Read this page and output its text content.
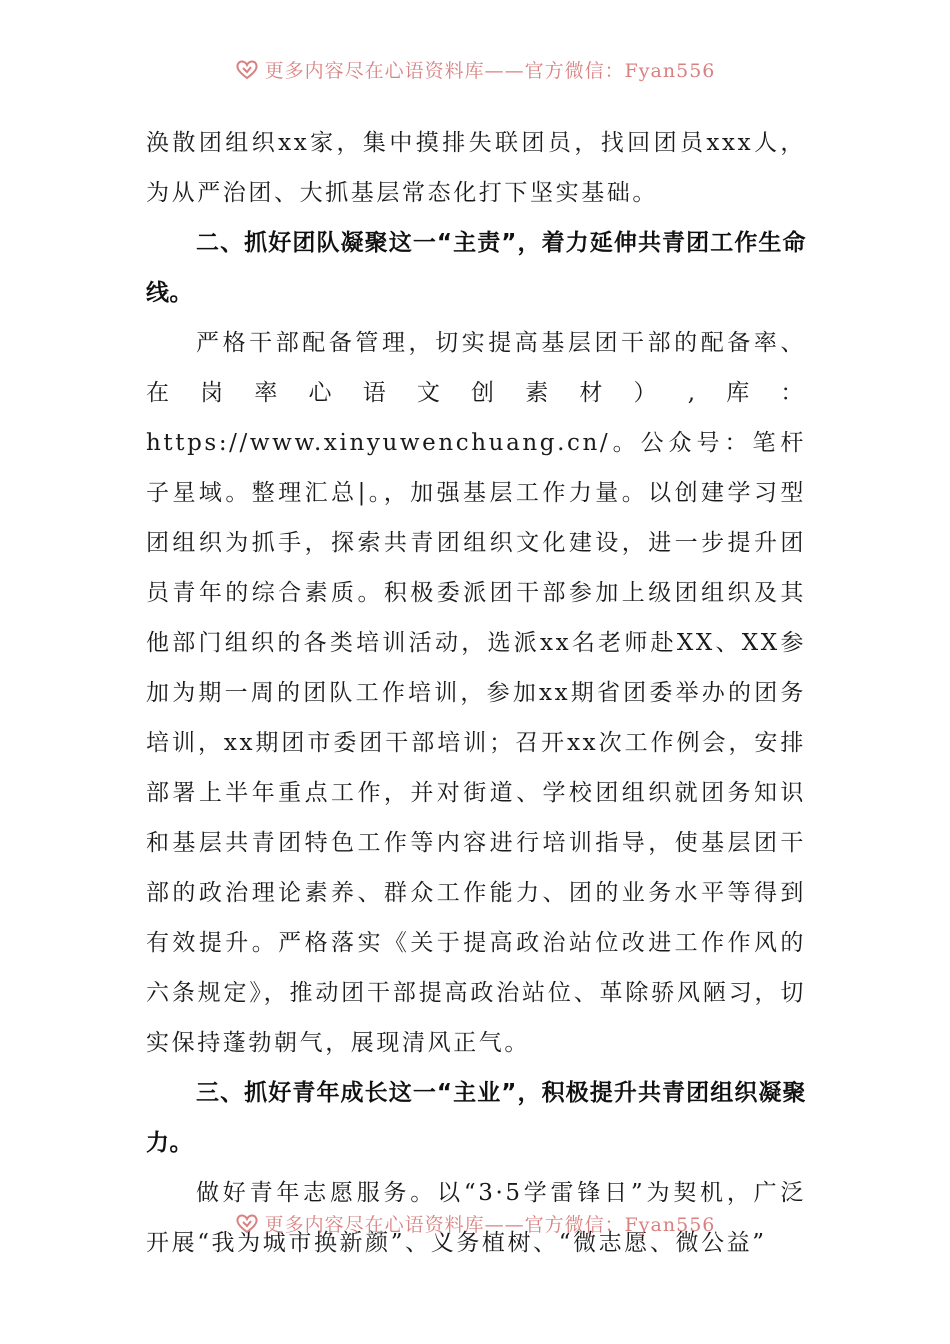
更多内容尽在心语资料库——官方微信：Fyan556

涣散团组织xx家，集中摸排失联团员，找回团员xxx人，为从严治团、大抓基层常态化打下坚实基础。

二、抓好团队凝聚这一“主责”，着力延伸共青团工作生命线。

严格干部配备管理，切实提高基层团干部的配备率、在岗率心语文创素材）,库：https://www.xinyuwenchuang.cn/。公众号：笔杆子星域。整理汇总|。，加强基层工作力量。以创建学习型团组织为抓手，探索共青团组织文化建设，进一步提升团员青年的综合素质。积极委派团干部参加上级团组织及其他部门组织的各类培训活动，选派xx名老师赴XX、XX参加为期一周的团队工作培训，参加xx期省团委举办的团务培训，xx期团市委团干部培训；召开xx次工作例会，安排部署上半年重点工作，并对街道、学校团组织就团务知识和基层共青团特色工作等内容进行培训指导，使基层团干部的政治理论素养、群众工作能力、团的业务水平等得到有效提升。严格落实《关于提高政治站位改进工作作风的六条规定》，推动团干部提高政治站位、革除骄风陋习，切实保持蓬勃朝气，展现清风正气。

三、抓好青年成长这一“主业”，积极提升共青团组织凝聚力。

做好青年志愿服务。以“3·5学雷锋日”为契机，广泛开展“我为城市换新颜”、义务植树、“微志愿、微公益”

更多内容尽在心语资料库——官方微信：Fyan556
